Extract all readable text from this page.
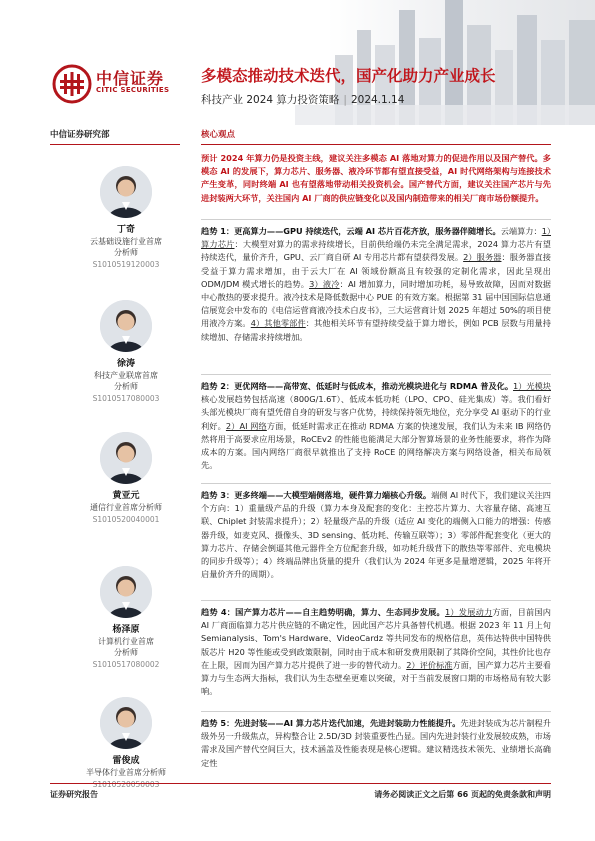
中信证券
CITIC SECURITIES
多模态推动技术迭代，国产化助力产业成长
科技产业 2024 算力投资策略 | 2024.1.14
中信证券研究部	核心观点
丁奇
云基础设施行业首席
分析师
S1010519120003
徐涛
科技产业联席首席
分析师
S1010517080003
黄亚元
通信行业首席分析师
S1010520040001
杨泽原
计算机行业首席
分析师
S1010517080002
雷俊成
半导体行业首席分析师
S1010520050003
预计 2024 年算力仍是投资主线，建议关注多模态 AI 落地对算力的促进作用以及国产替代。多模态 AI 的发展下，算力芯片、服务器、液冷环节都有望直接受益，AI 时代网络架构与连接技术产生变革，同时终端 AI 也有望落地带动相关投资机会。国产替代方面，建议关注国产芯片与先进封装两大环节，关注国内 AI 厂商的供应链变化以及国内制造带来的相关厂商市场份额提升。
趋势 1：更高算力——GPU 持续迭代，云端 AI 芯片百花齐放，服务器伴随增长。云端算力：1）算力芯片：大模型对算力的需求持续增长，目前供给端仍未完全满足需求，2024 算力芯片有望持续迭代，量价齐升，GPU、云厂商自研 AI 专用芯片都有望获得发展。2）服务器：服务器直接受益于算力需求增加，由于云大厂在 AI 领域份额高且有较强的定制化需求，因此呈现出 ODM/JDM 模式增长的趋势。3）液冷：AI 增加算力，同时增加功耗，易导致故障，因而对数据中心散热的要求提升。液冷技术是降低数据中心 PUE 的有效方案。根据第 31 届中国国际信息通信展览会中发布的《电信运营商液冷技术白皮书》，三大运营商计划 2025 年超过 50%的项目使用液冷方案。4）其他零部件：其他相关环节有望持续受益于算力增长，例如 PCB 层数与用量持续增加、存储需求持续增加。
趋势 2：更优网络——高带宽、低延时与低成本，推动光模块进化与 RDMA 普及化。1）光模块核心发展趋势包括高速（800G/1.6T）、低成本低功耗（LPO、CPO、硅光集成）等。我们看好头部光模块厂商有望凭借自身的研发与客户优势，持续保持领先地位，充分享受 AI 驱动下的行业利好。2）AI 网络方面，低延时需求正在推动 RDMA 方案的快速发展，我们认为未来 IB 网络仍然将用于高要求应用场景，RoCEv2 的性能也能满足大部分智算场景的业务性能要求，将作为降成本的方案。国内网络厂商很早就推出了支持 RoCE 的网络解决方案与网络设备，相关布局领先。
趋势 3：更多终端——大模型端侧落地，硬件算力端核心升级。端侧 AI 时代下，我们建议关注四个方向：1）重量级产品的升级（算力本身及配套的变化：主控芯片算力、大容量存储、高速互联、Chiplet 封装需求提升）；2）轻量级产品的升级（适应 AI 变化的端侧入口能力的增强：传感器升级，如麦克风、摄像头、3D sensing、低功耗、传输互联等）；3）零部件配套变化（更大的算力芯片、存储会倒逼其他元器件全方位配套升级，如功耗升级背下的散热等零部件、充电模块的同步升级等）；4）终端品牌出货量的提升（我们认为 2024 年更多是量增逻辑，2025 年将开启量价齐升的周期）。
趋势 4：国产算力芯片——自主趋势明确，算力、生态同步发展。1）发展动力方面，目前国内 AI 厂商面临算力芯片供应链的不确定性，因此国产芯片具备替代机遇。根据 2023 年 11 月上旬 Semianalysis、Tom's Hardware、VideoCardz 等共同发布的规格信息，英伟达特供中国特供版芯片 H20 等性能或受到政策限制，同时由于成本和研发费用限制了其降价空间，其性价比也存在上限，因而为国产算力芯片提供了进一步的替代动力。2）评价标准方面，国产算力芯片主要看算力与生态两大指标，我们认为生态壁垒更难以突破，对于当前发展窗口期的市场格局有较大影响。
趋势 5：先进封装——AI 算力芯片迭代加速，先进封装助力性能提升。先进封装成为芯片制程升级外另一升级焦点，异构整合让 2.5D/3D 封装重要性凸显。国内先进封装行业发展较成熟，市场需求及国产替代空间巨大，技术涵盖及性能表现是核心逻辑。建议精选技术领先、业绩增长高确定性
证券研究报告	请务必阅读正文之后第 66 页起的免责条款和声明
